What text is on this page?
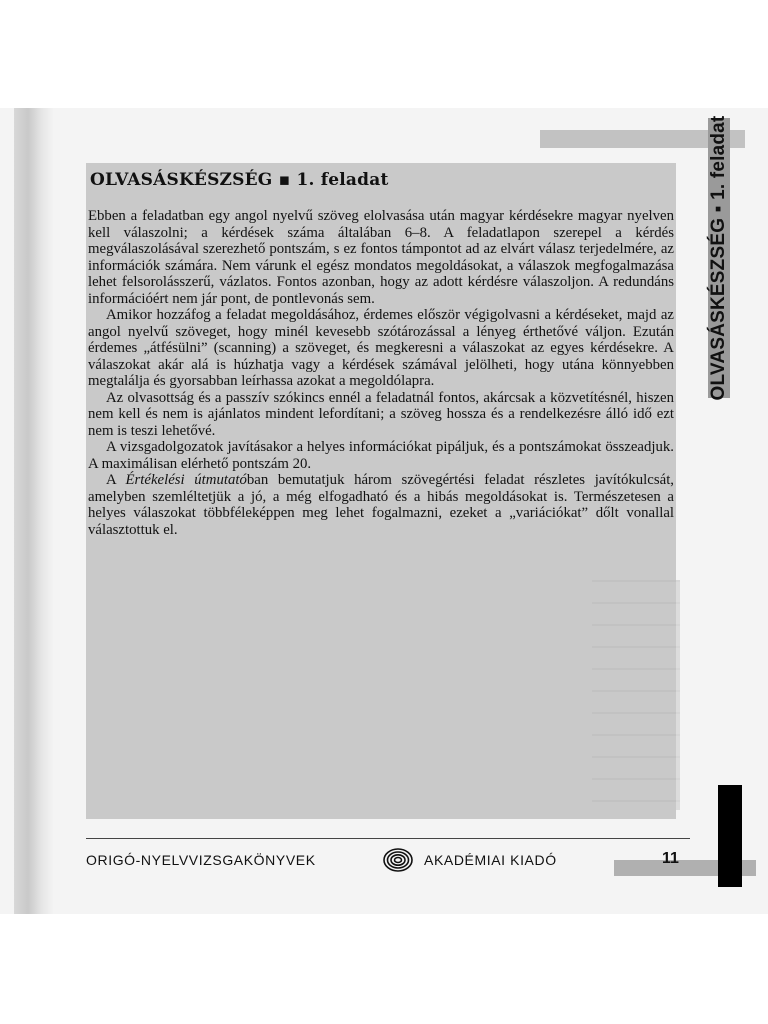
OLVASÁSKÉSZSÉG ▪ 1. feladat
OLVASÁSKÉSZSÉG ▪ 1. feladat

Ebben a feladatban egy angol nyelvű szöveg elolvasása után magyar kérdésekre magyar nyelven kell válaszolni; a kérdések száma általában 6–8. A feladatlapon szerepel a kérdés megválaszolásával szerezhető pontszám, s ez fontos támpontot ad az elvárt válasz terjedelmére, az információk számára. Nem várunk el egész mondatos megoldásokat, a válaszok megfogalmazása lehet felsorolásszerű, vázlatos. Fontos azonban, hogy az adott kérdésre válaszoljon. A redundáns információért nem jár pont, de pontlevonás sem.

Amikor hozzáfog a feladat megoldásához, érdemes először végigolvasni a kérdéseket, majd az angol nyelvű szöveget, hogy minél kevesebb szótározással a lényeg érthetővé váljon. Ezután érdemes „átfésülni” (scanning) a szöveget, és megkeresni a válaszokat az egyes kérdésekre. A válaszokat akár alá is húzhatja vagy a kérdések számával jelölheti, hogy utána könnyebben megtalálja és gyorsabban leírhassa azokat a megoldólapra.

Az olvasottság és a passzív szókincs ennél a feladatnál fontos, akárcsak a közvetítésnél, hiszen nem kell és nem is ajánlatos mindent lefordítani; a szöveg hossza és a rendelkezésre álló idő ezt nem is teszi lehetővé.

A vizsgadolgozatok javításakor a helyes információkat pipáljuk, és a pontszámokat összeadjuk. A maximálisan elérhető pontszám 20.

A Értékelési útmutatóban bemutatjuk három szövegértési feladat részletes javítókulcsát, amelyben szemléltetjük a jó, a még elfogadható és a hibás megoldásokat is. Természetesen a helyes válaszokat többféleképpen meg lehet fogalmazni, ezeket a „variációkat” dőlt vonallal választottuk el.

ORIGÓ-NYELVVIZSGAKÖNYVEK	AKADÉMIAI KIADÓ	11
